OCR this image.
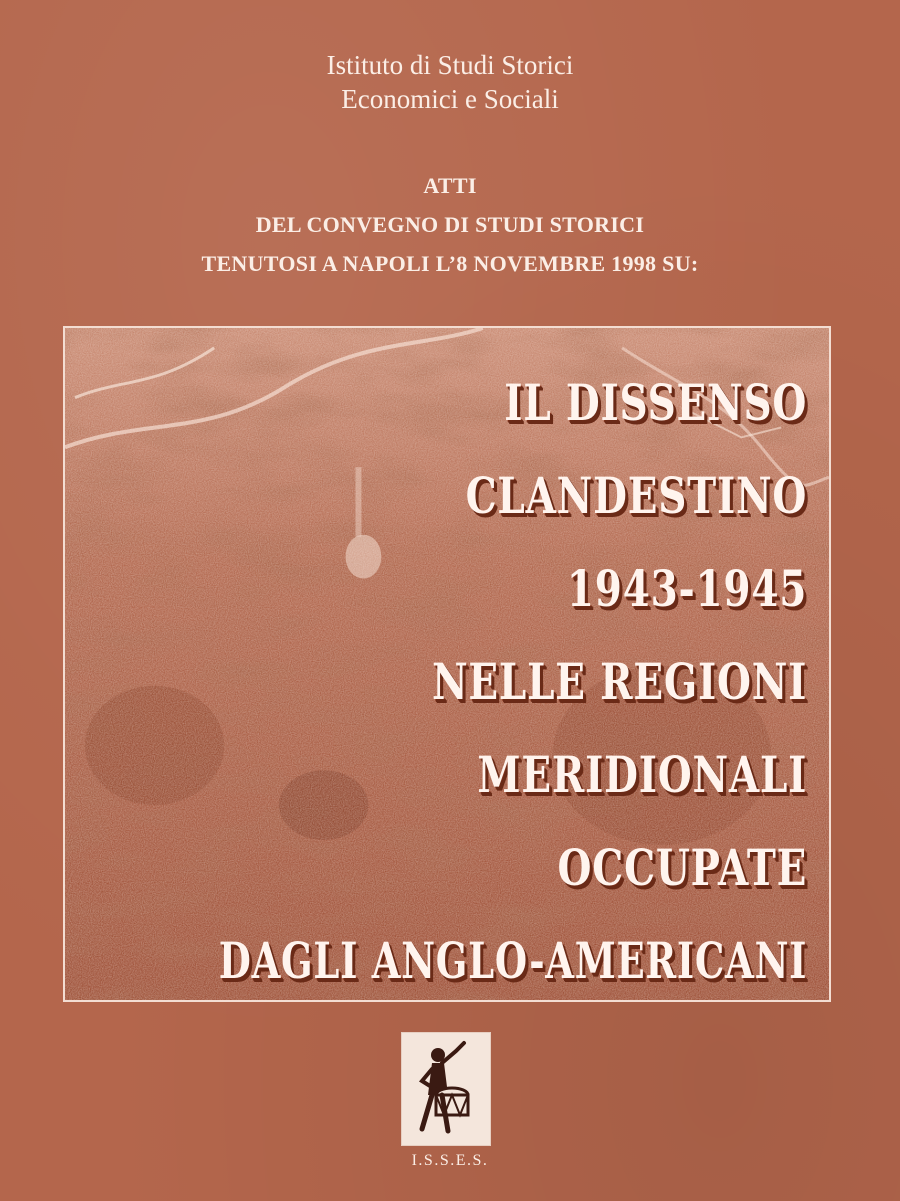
Istituto di Studi Storici
Economici e Sociali
ATTI
DEL CONVEGNO DI STUDI STORICI
TENUTOSI A NAPOLI L’8 NOVEMBRE 1998 SU:
IL DISSENSO
CLANDESTINO
1943-1945
NELLE REGIONI
MERIDIONALI
OCCUPATE
DAGLI ANGLO-AMERICANI
I.S.S.E.S.
